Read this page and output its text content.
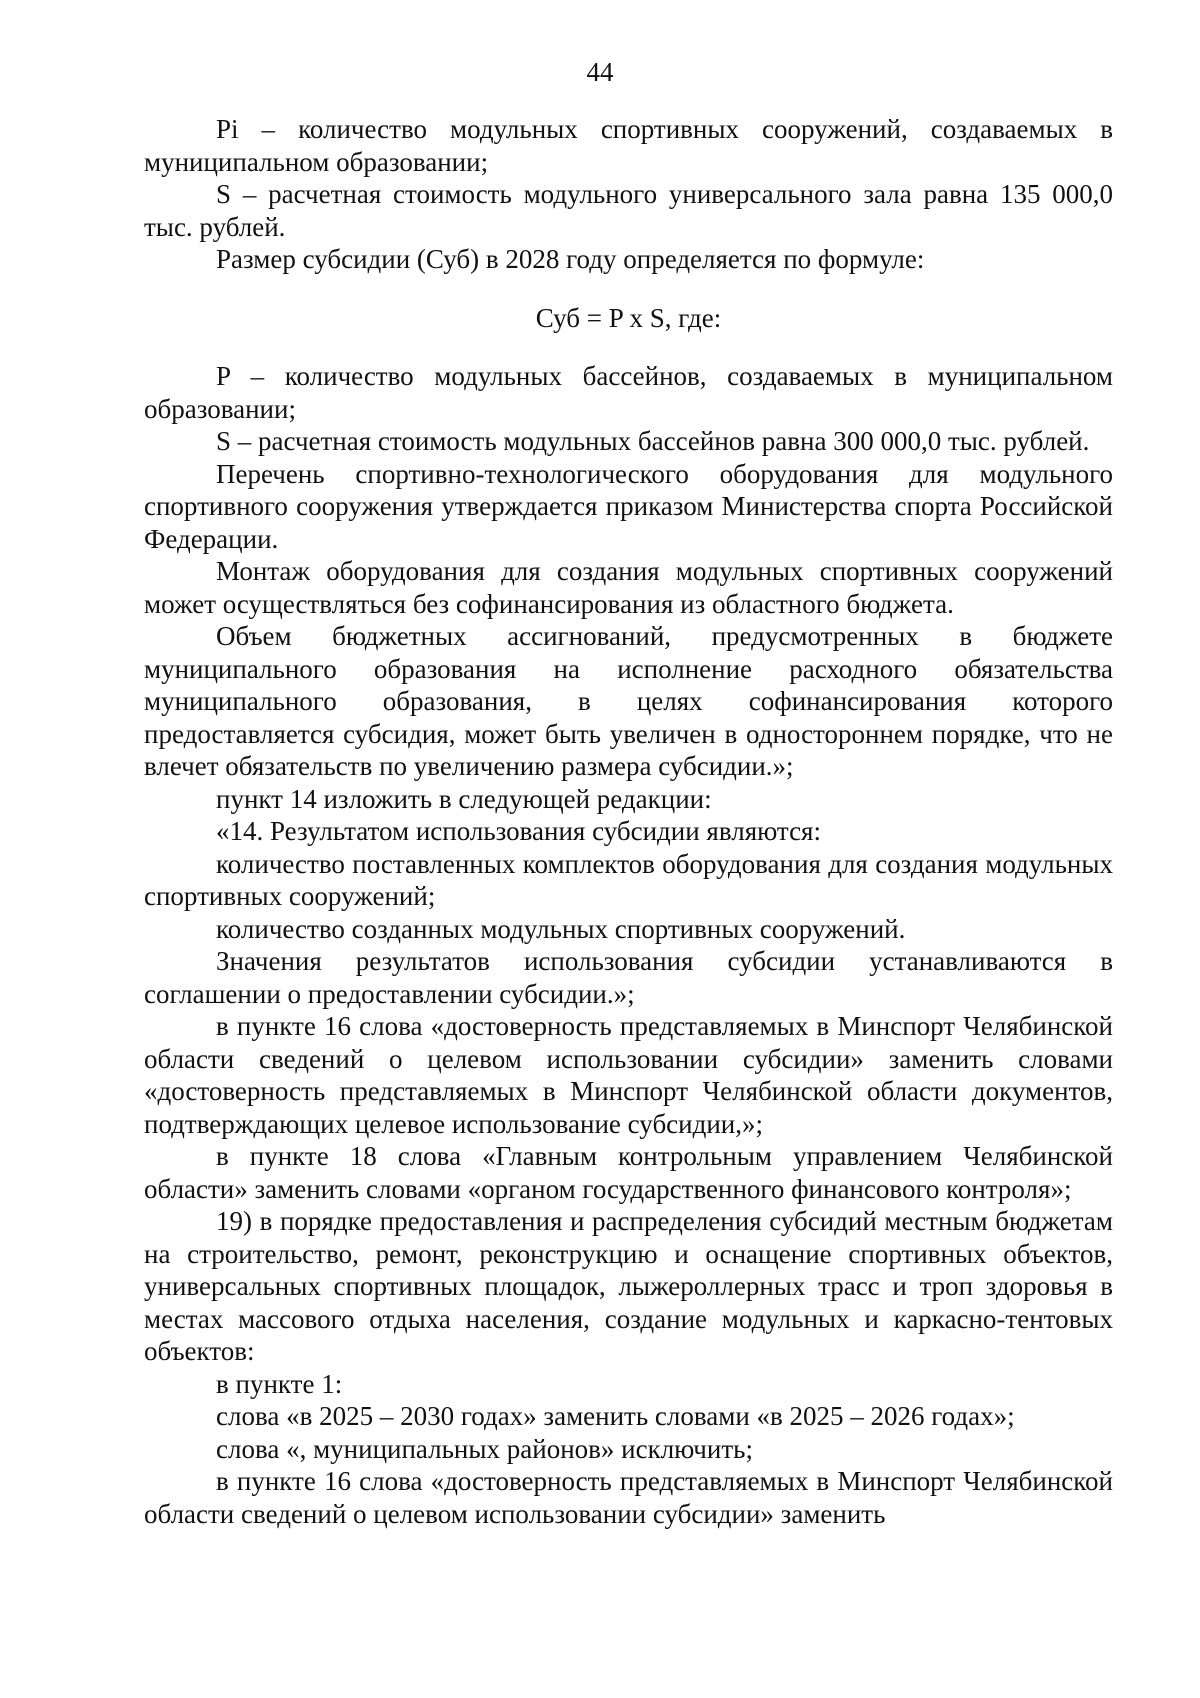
44

Pi – количество модульных спортивных сооружений, создаваемых в муниципальном образовании;

S – расчетная стоимость модульного универсального зала равна 135 000,0 тыс. рублей.

Размер субсидии (Суб) в 2028 году определяется по формуле:

Суб = P x S, где:

P – количество модульных бассейнов, создаваемых в муниципальном образовании;

S – расчетная стоимость модульных бассейнов равна 300 000,0 тыс. рублей.

Перечень спортивно-технологического оборудования для модульного спортивного сооружения утверждается приказом Министерства спорта Российской Федерации.

Монтаж оборудования для создания модульных спортивных сооружений может осуществляться без софинансирования из областного бюджета.

Объем бюджетных ассигнований, предусмотренных в бюджете муниципального образования на исполнение расходного обязательства муниципального образования, в целях софинансирования которого предоставляется субсидия, может быть увеличен в одностороннем порядке, что не влечет обязательств по увеличению размера субсидии.»;

пункт 14 изложить в следующей редакции:

«14. Результатом использования субсидии являются:

количество поставленных комплектов оборудования для создания модульных спортивных сооружений;

количество созданных модульных спортивных сооружений.

Значения результатов использования субсидии устанавливаются в соглашении о предоставлении субсидии.»;

в пункте 16 слова «достоверность представляемых в Минспорт Челябинской области сведений о целевом использовании субсидии» заменить словами «достоверность представляемых в Минспорт Челябинской области документов, подтверждающих целевое использование субсидии,»;

в пункте 18 слова «Главным контрольным управлением Челябинской области» заменить словами «органом государственного финансового контроля»;

19) в порядке предоставления и распределения субсидий местным бюджетам на строительство, ремонт, реконструкцию и оснащение спортивных объектов, универсальных спортивных площадок, лыжероллерных трасс и троп здоровья в местах массового отдыха населения, создание модульных и каркасно-тентовых объектов:

в пункте 1:

слова «в 2025 – 2030 годах» заменить словами «в 2025 – 2026 годах»;

слова «, муниципальных районов» исключить;

в пункте 16 слова «достоверность представляемых в Минспорт Челябинской области сведений о целевом использовании субсидии» заменить
